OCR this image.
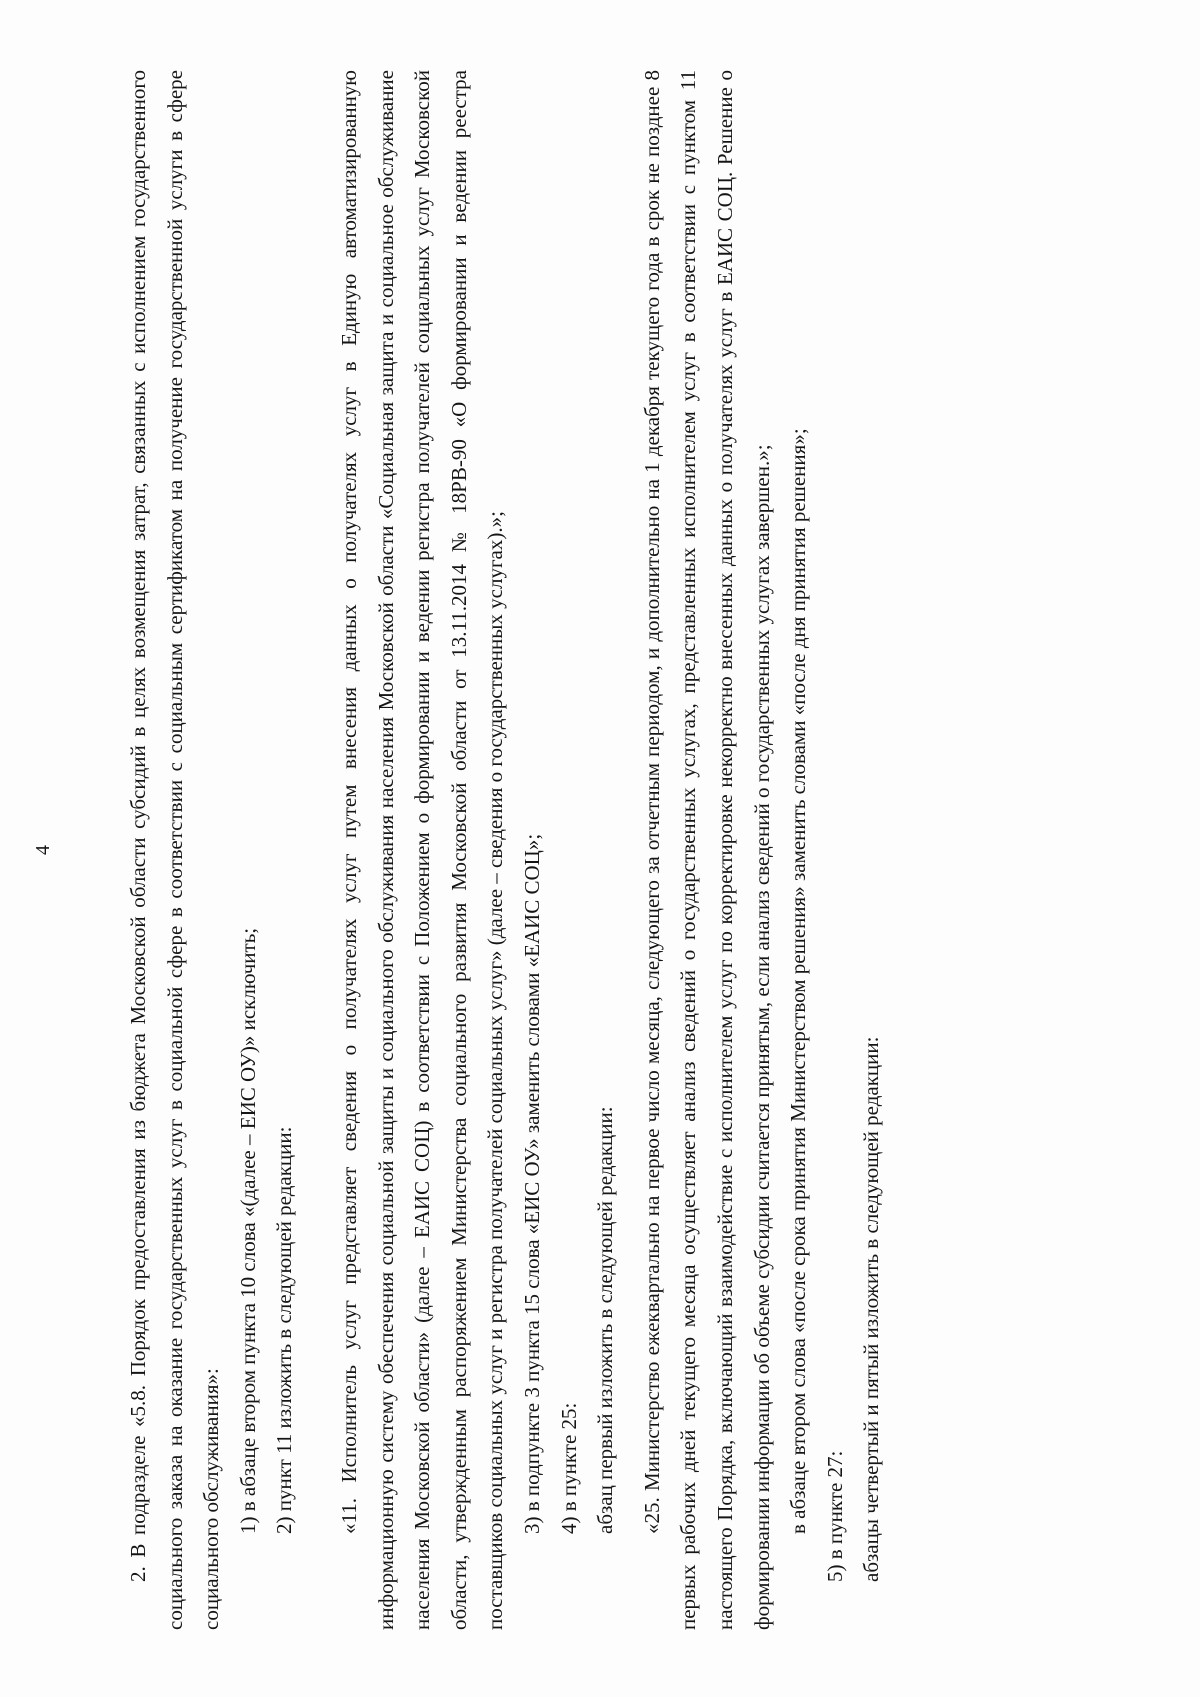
4	2. В подразделе «5.8. Порядок предоставления из бюджета Московской области субсидий в целях возмещения затрат, связанных с исполнением государственного социального заказа на оказание государственных услуг в социальной сфере в соответствии с социальным сертификатом на получение государственной услуги в сфере социального обслуживания»: 1) в абзаце втором пункта 10 слова «(далее – ЕИС ОУ)» исключить; 2) пункт 11 изложить в следующей редакции:	«11. Исполнитель услуг представляет сведения о получателях услуг путем внесения данных о получателях услуг в Единую автоматизированную информационную систему обеспечения социальной защиты и социального обслуживания населения Московской области «Социальная защита и социальное обслуживание населения Московской области» (далее – ЕАИС СОЦ) в соответствии с Положением о формировании и ведении регистра получателей социальных услуг Московской области, утвержденным распоряжением Министерства социального развития Московской области от 13.11.2014 № 18РВ-90 «О формировании и ведении реестра поставщиков социальных услуг и регистра получателей социальных услуг» (далее – сведения о государственных услугах).»; 3) в подпункте 3 пункта 15 слова «ЕИС ОУ» заменить словами «ЕАИС СОЦ»; 4) в пункте 25: абзац первый изложить в следующей редакции:	«25. Министерство ежеквартально на первое число месяца, следующего за отчетным периодом, и дополнительно на 1 декабря текущего года в срок не позднее 8 первых рабочих дней текущего месяца осуществляет анализ сведений о государственных услугах, представленных исполнителем услуг в соответствии с пунктом 11 настоящего Порядка, включающий взаимодействие с исполнителем услуг по корректировке некорректно внесенных данных о получателях услуг в ЕАИС СОЦ. Решение о формировании информации об объеме субсидии считается принятым, если анализ сведений о государственных услугах завершен.»; в абзаце втором слова «после срока принятия Министерством решения» заменить словами «после дня принятия решения»; 5) в пункте 27: абзацы четвертый и пятый изложить в следующей редакции:
